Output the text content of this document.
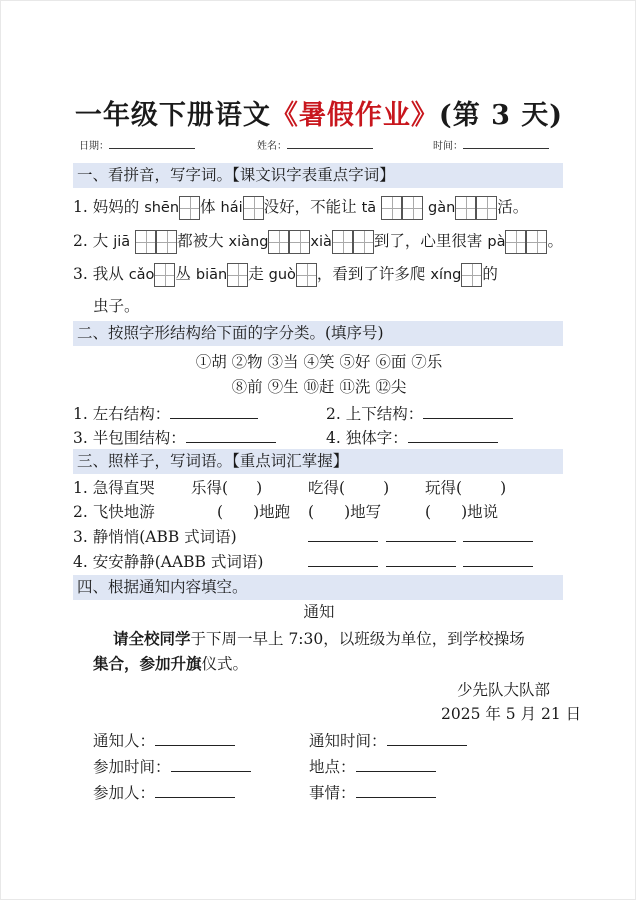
一年级下册语文《暑假作业》(第 3 天)
日期：	姓名：	时间：
一、看拼音，写字词。【课文识字表重点字词】
1. 妈妈的 shēn 体 hái 没好，不能让 tā	gàn	活。
2. 大 jiā	都被大 xiàng	xià	到了，心里很害 pà	。
3. 我从 cǎo 丛 biān 走 guò ，看到了许多爬 xíng 的
虫子。
二、按照字形结构给下面的字分类。(填序号)
①胡 ②物 ③当 ④笑 ⑤好 ⑥面 ⑦乐
⑧前 ⑨生 ⑩赶 ⑪洗 ⑫尖
1. 左右结构：	2. 上下结构：
3. 半包围结构：	4. 独体字：
三、照样子，写词语。【重点词汇掌握】
1. 急得直哭 乐得( )	吃得( ) 玩得( )
2. 飞快地游	( )地跑 ( )地写	( )地说
3. 静悄悄(ABB 式词语)
4. 安安静静(AABB 式词语)
四、根据通知内容填空。
通知
请全校同学于下周一早上 7:30，以班级为单位，到学校操场
集合，参加升旗仪式。
少先队大队部
2025 年 5 月 21 日
通知人：	通知时间：
参加时间：	地点：
参加人：	事情：
